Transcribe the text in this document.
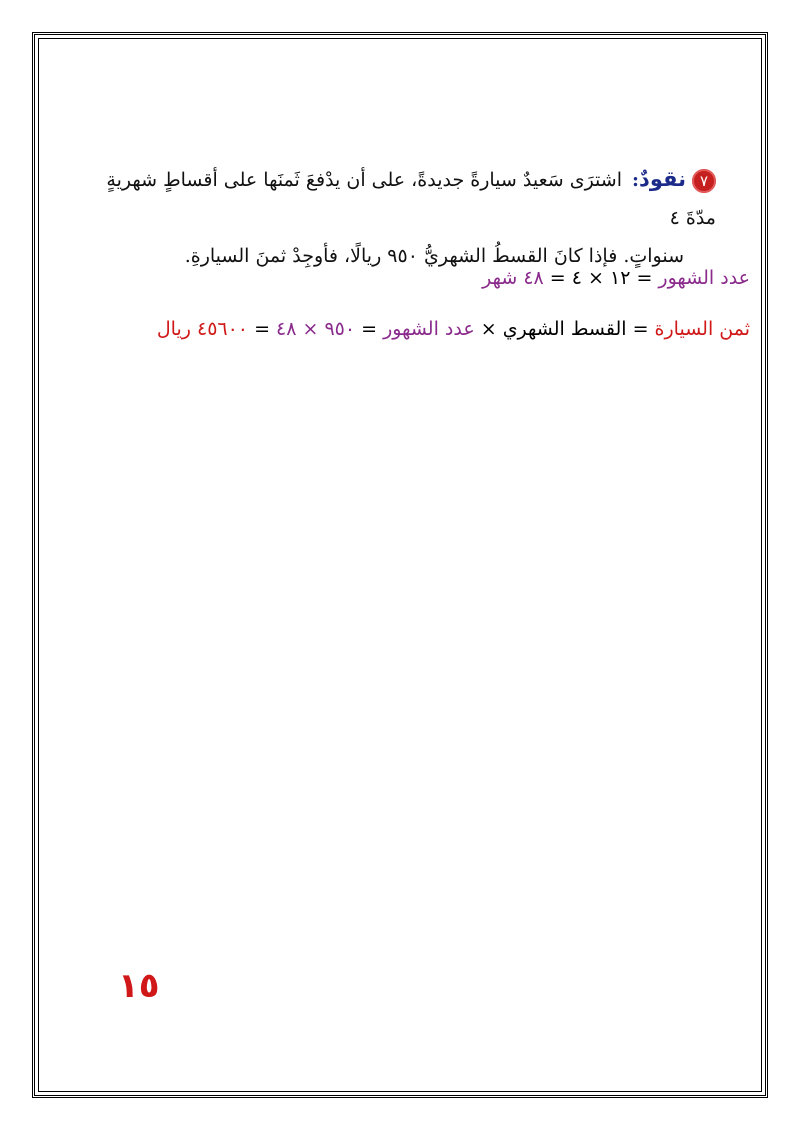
٧نقودٌ: اشترَى سَعيدٌ سيارةً جديدةً، على أن يدْفعَ ثَمنَها على أقساطٍ شهريةٍ مدّةَ ٤
سنواتٍ. فإذا كانَ القسطُ الشهريُّ ٩٥٠ ريالًا، فأوجِدْ ثمنَ السيارةِ.
عدد الشهور = ١٢ × ٤ = ٤٨ شهر
ثمن السيارة = القسط الشهري × عدد الشهور = ٩٥٠ × ٤٨ = ٤٥٦٠٠ ريال
١٥
